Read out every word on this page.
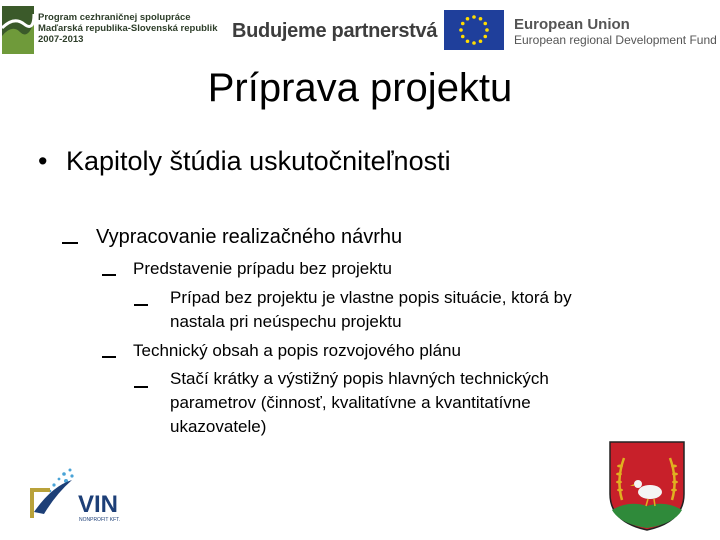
Program cezhraničnej spolupráce
Maďarská republika-Slovenská republik
2007-2013	Budujeme partnerstvá	European Union
European regional Development Fund
Príprava projektu
• Kapitoly štúdia uskutočniteľnosti
Vypracovanie realizačného návrhu
Predstavenie prípadu bez projektu
Prípad bez projektu je vlastne popis situácie, ktorá by
nastala pri neúspechu projektu
Technický obsah a popis rozvojového plánu
Stačí krátky a výstižný popis hlavných technických
parametrov (činnosť, kvalitatívne a kvantitatívne
ukazovatele)
VIN
NONPROFIT KFT.
